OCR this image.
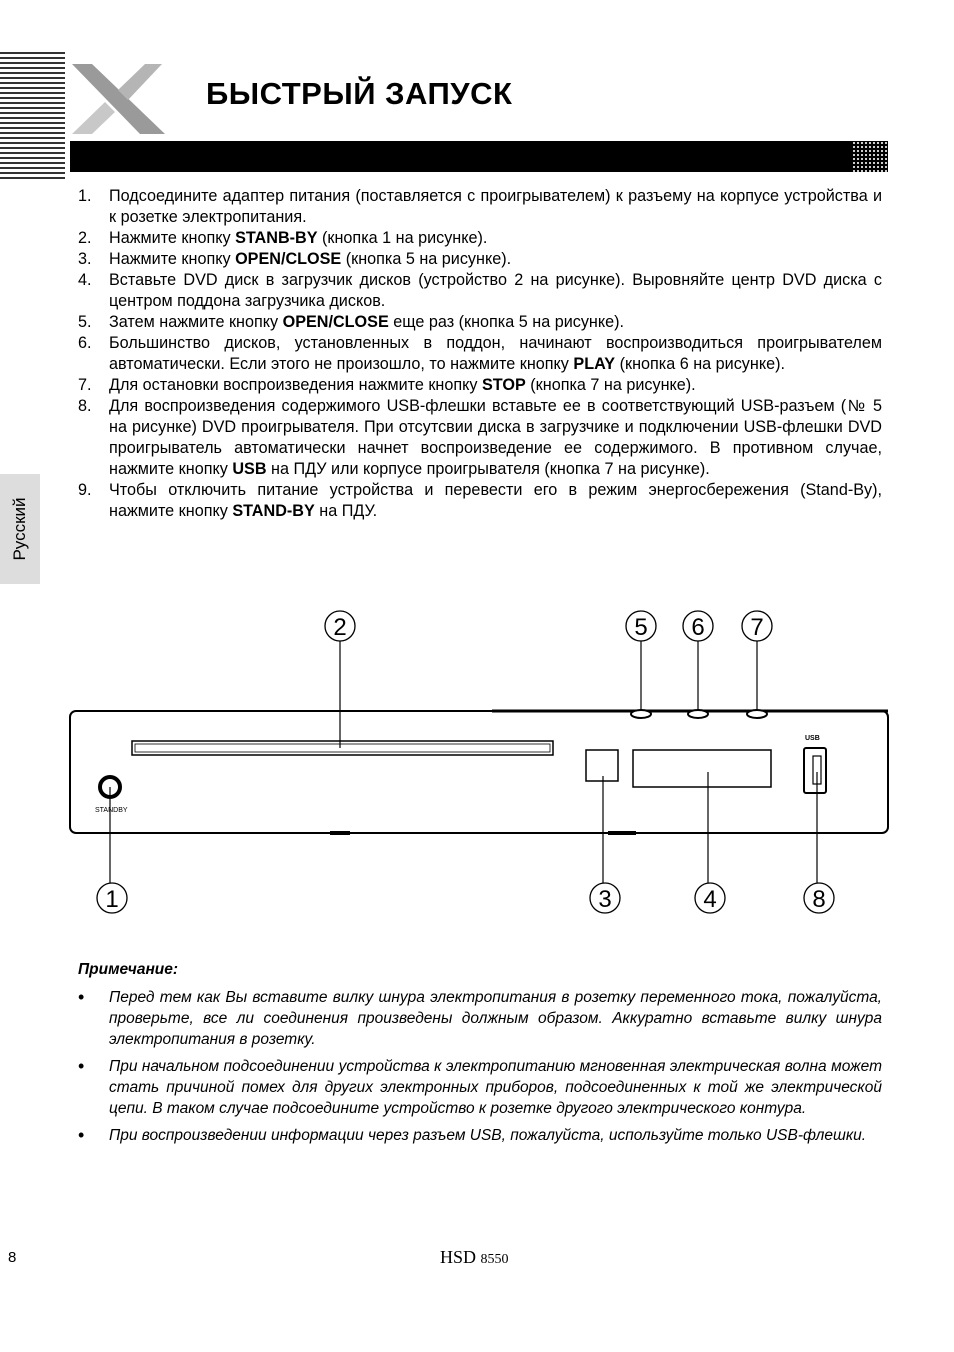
БЫСТРЫЙ ЗАПУСК
Русский
1. Подсоедините адаптер питания (поставляется с проигрывателем) к разъему на корпусе устройства и к розетке электропитания.
2. Нажмите кнопку STANB-BY (кнопка 1 на рисунке).
3. Нажмите кнопку OPEN/CLOSE (кнопка 5 на рисунке).
4. Вставьте DVD диск в загрузчик дисков (устройство 2 на рисунке). Выровняйте центр DVD диска с центром поддона загрузчика дисков.
5. Затем нажмите кнопку OPEN/CLOSE еще раз (кнопка 5 на рисунке).
6. Большинство дисков, установленных в поддон, начинают воспроизводиться проигрывателем автоматически. Если этого не произошло, то нажмите кнопку PLAY (кнопка 6 на рисунке).
7. Для остановки воспроизведения нажмите кнопку STOP (кнопка 7 на рисунке).
8. Для воспроизведения содержимого USB-флешки вставьте ее в соответствующий USB-разъем (№ 5 на рисунке) DVD проигрывателя. При отсутсвии диска в загрузчике и подключении USB-флешки DVD проигрыватель автоматически начнет воспроизведение ее содержимого. В противном случае, нажмите кнопку USB на ПДУ или корпусе проигрывателя (кнопка 7 на рисунке).
9. Чтобы отключить питание устройства и перевести его в режим энергосбережения (Stand-By), нажмите кнопку STAND-BY на ПДУ.
STANDBY
USB
2	5 6 7
1	3	4	8
Примечание:
• Перед тем как Вы вставите вилку шнура электропитания в розетку переменного тока, пожалуйста, проверьте, все ли соединения произведены должным образом. Аккуратно вставьте вилку шнура электропитания в розетку.
• При начальном подсоединении устройства к электропитанию мгновенная электрическая волна может стать причиной помех для других электронных приборов, подсоединенных к той же электрической цепи. В таком случае подсоедините устройство к розетке другого электрического контура.
• При воспроизведении информации через разъем USB, пожалуйста, используйте только USB-флешки.
8	HSD 8550
